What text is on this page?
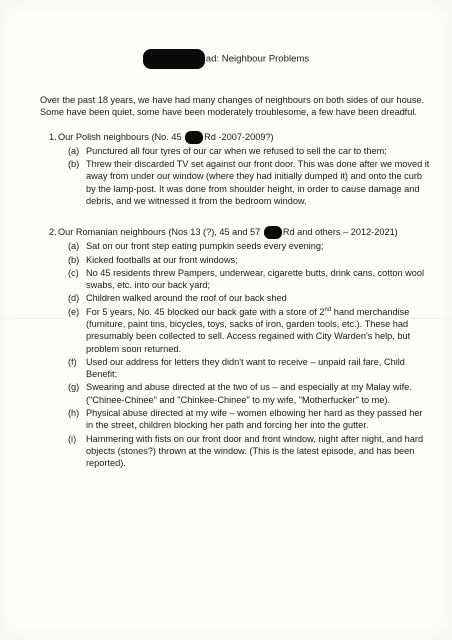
ad: Neighbour Problems

Over the past 18 years, we have had many changes of neighbours on both sides of our house. Some have been quiet, some have been moderately troublesome, a few have been dreadful.

1. Our Polish neighbours (No. 45 Rd -2007-2009?)
(a) Punctured all four tyres of our car when we refused to sell the car to them;
(b) Threw their discarded TV set against our front door. This was done after we moved it away from under our window (where they had initially dumped it) and onto the curb by the lamp-post. It was done from shoulder height, in order to cause damage and debris, and we witnessed it from the bedroom window.
2. Our Romanian neighbours (Nos 13 (?), 45 and 57 Rd and others – 2012-2021)
(a) Sat on our front step eating pumpkin seeds every evening;
(b) Kicked footballs at our front windows;
(c) No 45 residents threw Pampers, underwear, cigarette butts, drink cans, cotton wool swabs, etc. into our back yard;
(d) Children walked around the roof of our back shed
(e) For 5 years, No. 45 blocked our back gate with a store of 2nd hand merchandise (furniture, paint tins, bicycles, toys, sacks of iron, garden tools, etc.). These had presumably been collected to sell. Access regained with City Warden's help, but problem soon returned.
(f) Used our address for letters they didn't want to receive – unpaid rail fare, Child Benefit;
(g) Swearing and abuse directed at the two of us – and especially at my Malay wife. ("Chinee-Chinee" and "Chinkee-Chinee" to my wife, "Motherfucker" to me).
(h) Physical abuse directed at my wife – women elbowing her hard as they passed her in the street, children blocking her path and forcing her into the gutter.
(i) Hammering with fists on our front door and front window, night after night, and hard objects (stones?) thrown at the window. (This is the latest episode, and has been reported).
